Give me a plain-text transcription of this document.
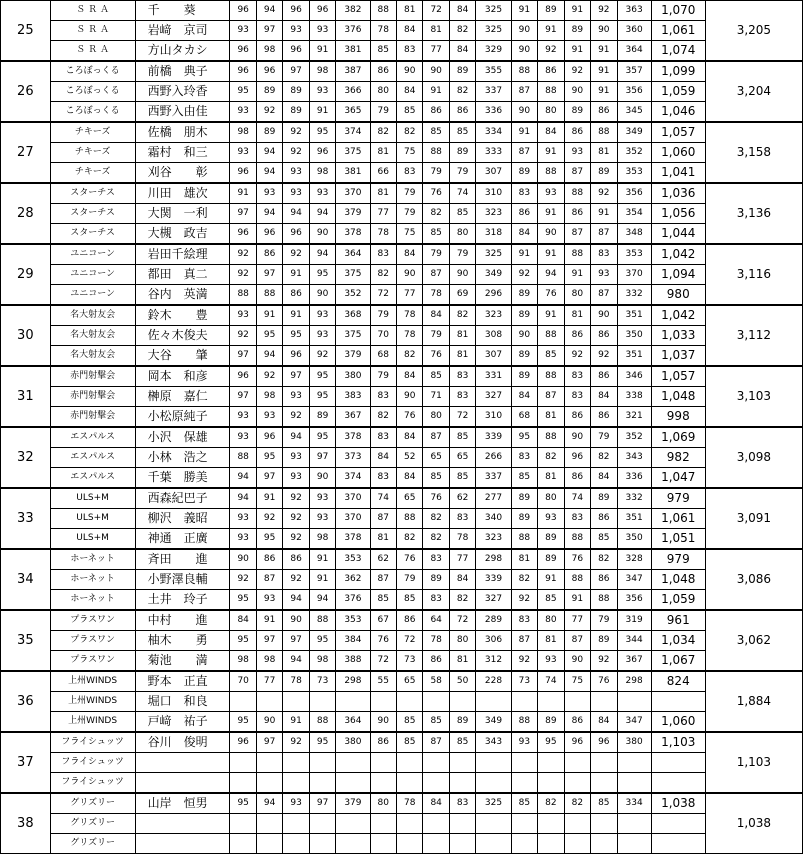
25	Ｓ Ｒ Ａ	千　　葵	96	94	96	96	382	88	81	72	84	325	91	89	91	92	363	1,070	3,205
	Ｓ Ｒ Ａ	岩﨑　京司	93	97	93	93	376	78	84	81	82	325	90	91	89	90	360	1,061	
	Ｓ Ｒ Ａ	方山タカシ	96	98	96	91	381	85	83	77	84	329	90	92	91	91	364	1,074	
26	ころぼっくる	前橋　典子	96	96	97	98	387	86	90	90	89	355	88	86	92	91	357	1,099	3,204
	ころぼっくる	西野入玲香	95	89	89	93	366	80	84	91	82	337	87	88	90	91	356	1,059	
	ころぼっくる	西野入由佳	93	92	89	91	365	79	85	86	86	336	90	80	89	86	345	1,046	
27	チキーズ	佐橋　朋木	98	89	92	95	374	82	82	85	85	334	91	84	86	88	349	1,057	3,158
	チキーズ	霜村　和三	93	94	92	96	375	81	75	88	89	333	87	91	93	81	352	1,060	
	チキーズ	刈谷　　彰	96	94	93	98	381	66	83	79	79	307	89	88	87	89	353	1,041	
28	スターチス	川田　雄次	91	93	93	93	370	81	79	76	74	310	83	93	88	92	356	1,036	3,136
	スターチス	大関　一利	97	94	94	94	379	77	79	82	85	323	86	91	86	91	354	1,056	
	スターチス	大槻　政吉	96	96	96	90	378	78	75	85	80	318	84	90	87	87	348	1,044	
29	ユニコーン	岩田千絵理	92	86	92	94	364	83	84	79	79	325	91	91	88	83	353	1,042	3,116
	ユニコーン	都田　真二	92	97	91	95	375	82	90	87	90	349	92	94	91	93	370	1,094	
	ユニコーン	谷内　英満	88	88	86	90	352	72	77	78	69	296	89	76	80	87	332	980	
30	名大射友会	鈴木　　豊	93	91	91	93	368	79	78	84	82	323	89	91	81	90	351	1,042	3,112
	名大射友会	佐々木俊夫	92	95	95	93	375	70	78	79	81	308	90	88	86	86	350	1,033	
	名大射友会	大谷　　肇	97	94	96	92	379	68	82	76	81	307	89	85	92	92	351	1,037	
31	赤門射撃会	岡本　和彦	96	92	97	95	380	79	84	85	83	331	89	88	83	86	346	1,057	3,103
	赤門射撃会	榊原　嘉仁	97	98	93	95	383	83	90	71	83	327	84	87	83	84	338	1,048	
	赤門射撃会	小松原純子	93	93	92	89	367	82	76	80	72	310	68	81	86	86	321	998	
32	エスパルス	小沢　保雄	93	96	94	95	378	83	84	87	85	339	95	88	90	79	352	1,069	3,098
	エスパルス	小林　浩之	88	95	93	97	373	84	52	65	65	266	83	82	96	82	343	982	
	エスパルス	千葉　勝美	94	97	93	90	374	83	84	85	85	337	85	81	86	84	336	1,047	
33	ULS+M	西森紀巴子	94	91	92	93	370	74	65	76	62	277	89	80	74	89	332	979	3,091
	ULS+M	柳沢　義昭	93	92	92	93	370	87	88	82	83	340	89	93	83	86	351	1,061	
	ULS+M	神通　正廣	93	95	92	98	378	81	82	82	78	323	88	89	88	85	350	1,051	
34	ホーネット	斉田　　進	90	86	86	91	353	62	76	83	77	298	81	89	76	82	328	979	3,086
	ホーネット	小野澤良輔	92	87	92	91	362	87	79	89	84	339	82	91	88	86	347	1,048	
	ホーネット	土井　玲子	95	93	94	94	376	85	85	83	82	327	92	85	91	88	356	1,059	
35	プラスワン	中村　　進	84	91	90	88	353	67	86	64	72	289	83	80	77	79	319	961	3,062
	プラスワン	柚木　　勇	95	97	97	95	384	76	72	78	80	306	87	81	87	89	344	1,034	
	プラスワン	菊池　　満	98	98	94	98	388	72	73	86	81	312	92	93	90	92	367	1,067	
36	上州WINDS	野本　正直	70	77	78	73	298	55	65	58	50	228	73	74	75	76	298	824	1,884
	上州WINDS	堀口　和良																	
	上州WINDS	戸﨑　祐子	95	90	91	88	364	90	85	85	89	349	88	89	86	84	347	1,060	
37	フライシュッツ	谷川　俊明	96	97	92	95	380	86	85	87	85	343	93	95	96	96	380	1,103	1,103
	フライシュッツ																		
	フライシュッツ																		
38	グリズリー	山岸　恒男	95	94	93	97	379	80	78	84	83	325	85	82	82	85	334	1,038	1,038
	グリズリー																		
	グリズリー																		
